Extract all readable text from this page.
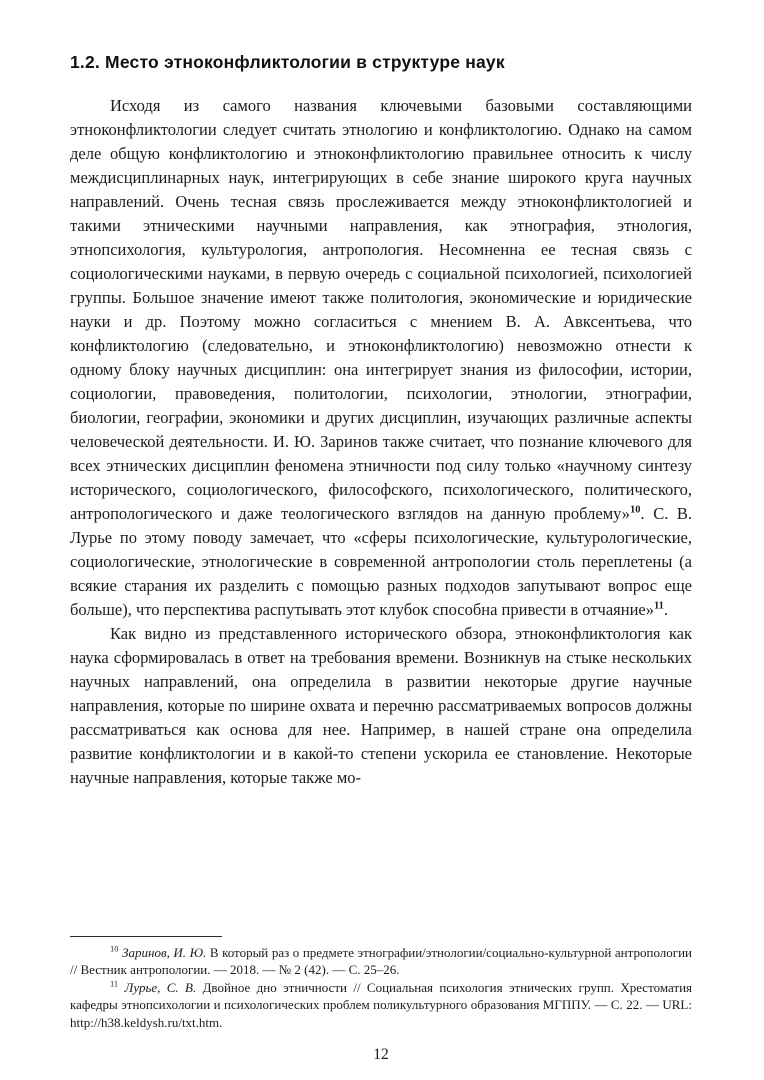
1.2. Место этноконфликтологии в структуре наук

Исходя из самого названия ключевыми базовыми составляющими этноконфликтологии следует считать этнологию и конфликтологию. Однако на самом деле общую конфликтологию и этноконфликтологию правильнее относить к числу междисциплинарных наук, интегрирующих в себе знание широкого круга научных направлений. Очень тесная связь прослеживается между этноконфликтологией и такими этническими научными направления, как этнография, этнология, этнопсихология, культурология, антропология. Несомненна ее тесная связь с социологическими науками, в первую очередь с социальной психологией, психологией группы. Большое значение имеют также политология, экономические и юридические науки и др. Поэтому можно согласиться с мнением В. А. Авксентьева, что конфликтологию (следовательно, и этноконфликтологию) невозможно отнести к одному блоку научных дисциплин: она интегрирует знания из философии, истории, социологии, правоведения, политологии, психологии, этнологии, этнографии, биологии, географии, экономики и других дисциплин, изучающих различные аспекты человеческой деятельности. И. Ю. Заринов также считает, что познание ключевого для всех этнических дисциплин феномена этничности под силу только «научному синтезу исторического, социологического, философского, психологического, политического, антропологического и даже теологического взглядов на данную проблему»$^{10}$. С. В. Лурье по этому поводу замечает, что «сферы психологические, культурологические, социологические, этнологические в современной антропологии столь переплетены (а всякие старания их разделить с помощью разных подходов запутывают вопрос еще больше), что перспектива распутывать этот клубок способна привести в отчаяние»$^{11}$.

Как видно из представленного исторического обзора, этноконфликтология как наука сформировалась в ответ на требования времени. Возникнув на стыке нескольких научных направлений, она определила в развитии некоторые другие научные направления, которые по ширине охвата и перечню рассматриваемых вопросов должны рассматриваться как основа для нее. Например, в нашей стране она определила развитие конфликтологии и в какой-то степени ускорила ее становление. Некоторые научные направления, которые также мо-

$^{10}$ Заринов, И. Ю. В который раз о предмете этнографии/этнологии/социально-культурной антропологии // Вестник антропологии. — 2018. — № 2 (42). — С. 25–26.

$^{11}$ Лурье, С. В. Двойное дно этничности // Социальная психология этнических групп. Хрестоматия кафедры этнопсихологии и психологических проблем поликультурного образования МГППУ. — С. 22. — URL: http://h38.keldysh.ru/txt.htm.

12
